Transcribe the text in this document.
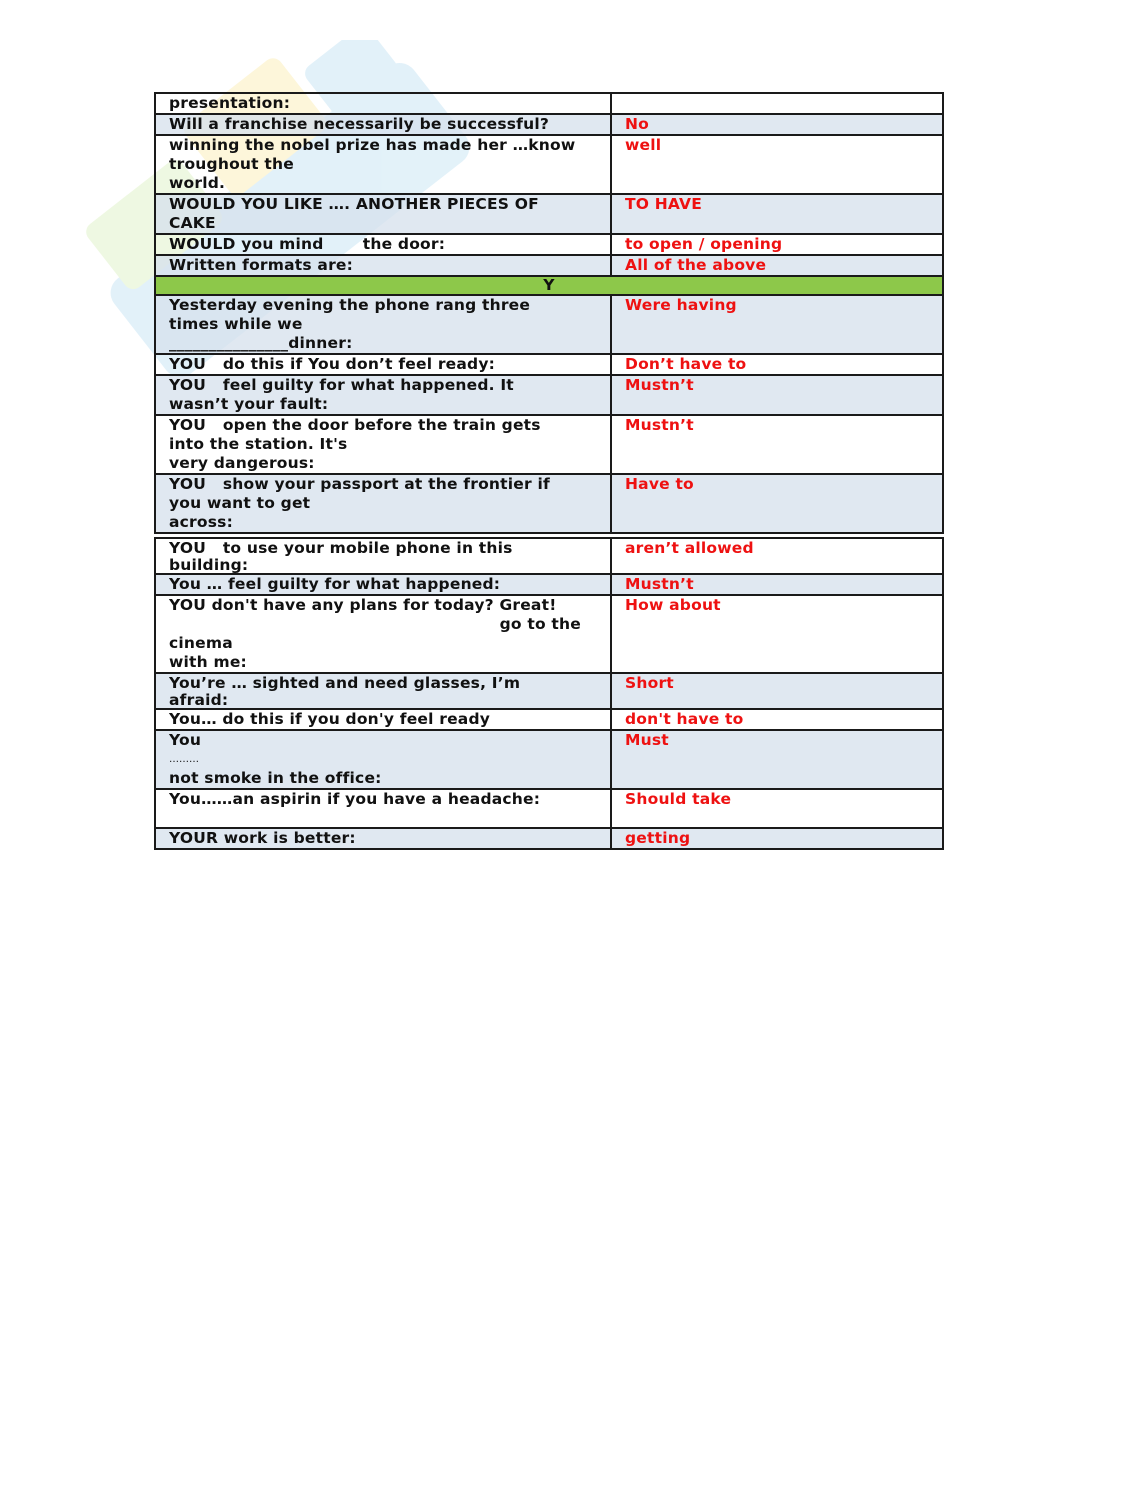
presentation:	

Will a franchise necessarily be successful?	No

winning the nobel prize has made her …know
troughout the
world.	well

WOULD YOU LIKE …. ANOTHER PIECES OF
CAKE	TO HAVE

WOULD you mind       the door:	to open / opening

Written formats are:	All of the above
Y	

Yesterday evening the phone rang three
times while we
_______________dinner:	Were having

YOU   do this if You don’t feel ready:	Don’t have to

YOU   feel guilty for what happened. It
wasn’t your fault:	Mustn’t

YOU   open the door before the train gets
into the station. It's
very dangerous:	Mustn’t

YOU   show your passport at the frontier if
you want to get
across:	Have to
YOU   to use your mobile phone in this
building:	aren’t allowed

You … feel guilty for what happened:	Mustn’t

YOU don't have any plans for today? Great!
go to the
cinema
with me:	How about

You’re … sighted and need glasses, I’m
afraid:	Short

You… do this if you don'y feel ready	don't have to

You
………
not smoke in the office:	Must

You……an aspirin if you have a headache:	Should take

YOUR work is better:	getting
